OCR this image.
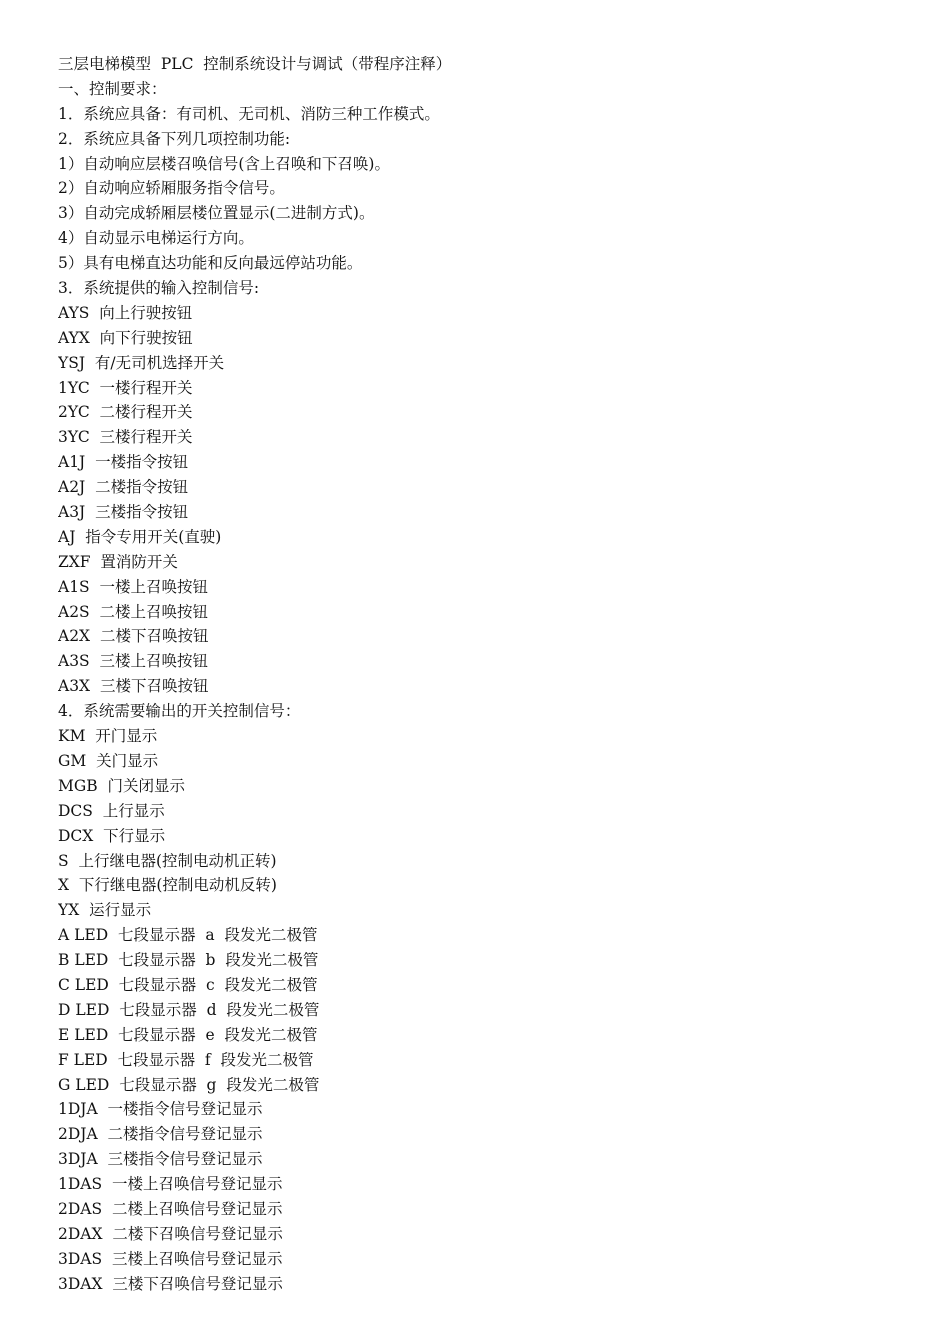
三层电梯模型  PLC  控制系统设计与调试（带程序注释）
一、控制要求：
1．系统应具备：有司机、无司机、消防三种工作模式。
2．系统应具备下列几项控制功能:
1）自动响应层楼召唤信号(含上召唤和下召唤)。
2）自动响应轿厢服务指令信号。
3）自动完成轿厢层楼位置显示(二进制方式)。
4）自动显示电梯运行方向。
5）具有电梯直达功能和反向最远停站功能。
3．系统提供的输入控制信号:
AYS  向上行驶按钮
AYX  向下行驶按钮
YSJ  有/无司机选择开关
1YC  一楼行程开关
2YC  二楼行程开关
3YC  三楼行程开关
A1J  一楼指令按钮
A2J  二楼指令按钮
A3J  三楼指令按钮
AJ  指令专用开关(直驶)
ZXF  置消防开关
A1S  一楼上召唤按钮
A2S  二楼上召唤按钮
A2X  二楼下召唤按钮
A3S  三楼上召唤按钮
A3X  三楼下召唤按钮
4．系统需要输出的开关控制信号：
KM  开门显示
GM  关门显示
MGB  门关闭显示
DCS  上行显示
DCX  下行显示
S  上行继电器(控制电动机正转)
X  下行继电器(控制电动机反转)
YX  运行显示
A LED  七段显示器  a  段发光二极管
B LED  七段显示器  b  段发光二极管
C LED  七段显示器  c  段发光二极管
D LED  七段显示器  d  段发光二极管
E LED  七段显示器  e  段发光二极管
F LED  七段显示器  f  段发光二极管
G LED  七段显示器  g  段发光二极管
1DJA  一楼指令信号登记显示
2DJA  二楼指令信号登记显示
3DJA  三楼指令信号登记显示
1DAS  一楼上召唤信号登记显示
2DAS  二楼上召唤信号登记显示
2DAX  二楼下召唤信号登记显示
3DAS  三楼上召唤信号登记显示
3DAX  三楼下召唤信号登记显示
